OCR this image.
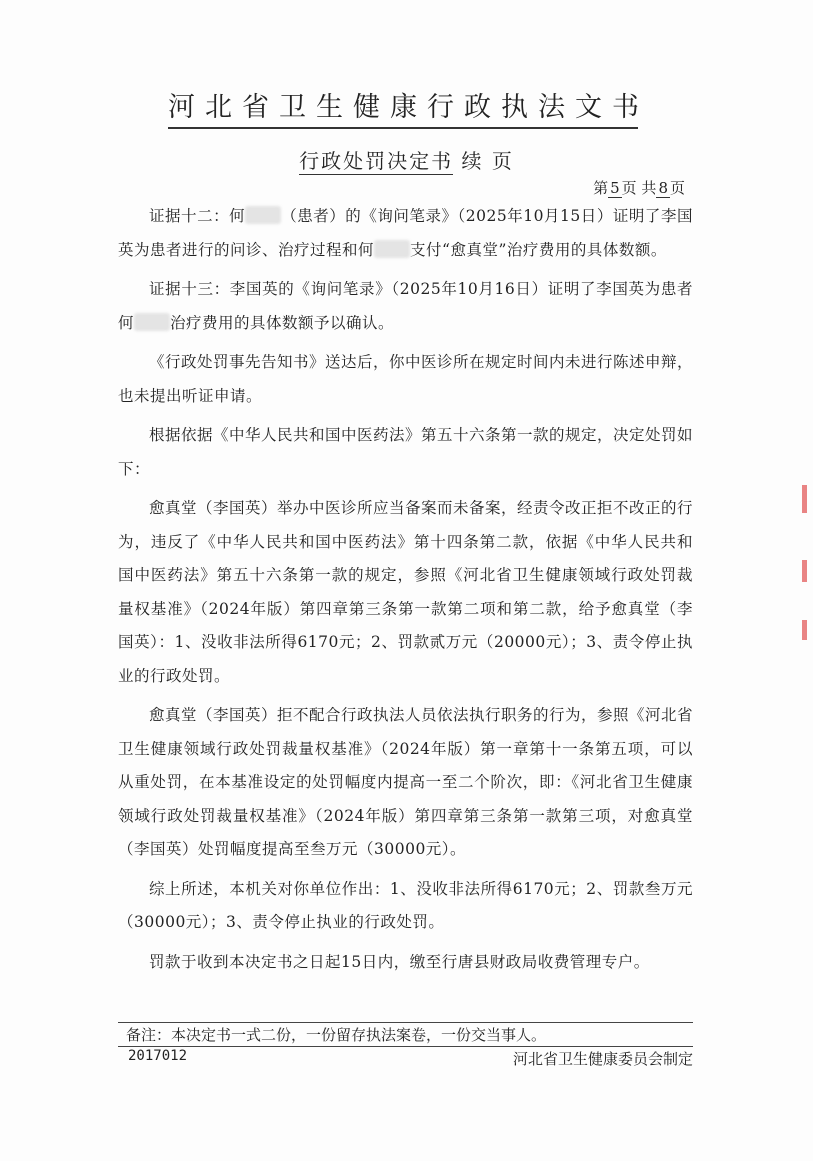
河北省卫生健康行政执法文书
行政处罚决定书 续 页
第 5 页 共 8 页

证据十二：何 （患者）的《询问笔录》（2025年10月15日）证明了李国英为患者进行的问诊、治疗过程和何 支付“愈真堂”治疗费用的具体数额。

证据十三：李国英的《询问笔录》（2025年10月16日）证明了李国英为患者何 治疗费用的具体数额予以确认。

《行政处罚事先告知书》送达后，你中医诊所在规定时间内未进行陈述申辩，也未提出听证申请。

根据依据《中华人民共和国中医药法》第五十六条第一款的规定，决定处罚如下：

愈真堂（李国英）举办中医诊所应当备案而未备案，经责令改正拒不改正的行为，违反了《中华人民共和国中医药法》第十四条第二款，依据《中华人民共和国中医药法》第五十六条第一款的规定，参照《河北省卫生健康领域行政处罚裁量权基准》（2024年版）第四章第三条第一款第二项和第二款，给予愈真堂（李国英）：1、没收非法所得6170元；2、罚款贰万元（20000元）；3、责令停止执业的行政处罚。

愈真堂（李国英）拒不配合行政执法人员依法执行职务的行为，参照《河北省卫生健康领域行政处罚裁量权基准》（2024年版）第一章第十一条第五项，可以从重处罚，在本基准设定的处罚幅度内提高一至二个阶次，即：《河北省卫生健康领域行政处罚裁量权基准》（2024年版）第四章第三条第一款第三项，对愈真堂（李国英）处罚幅度提高至叁万元（30000元）。

综上所述，本机关对你单位作出：1、没收非法所得6170元；2、罚款叁万元（30000元）；3、责令停止执业的行政处罚。

罚款于收到本决定书之日起15日内，缴至行唐县财政局收费管理专户。

备注：本决定书一式二份，一份留存执法案卷，一份交当事人。
2017012	河北省卫生健康委员会制定
